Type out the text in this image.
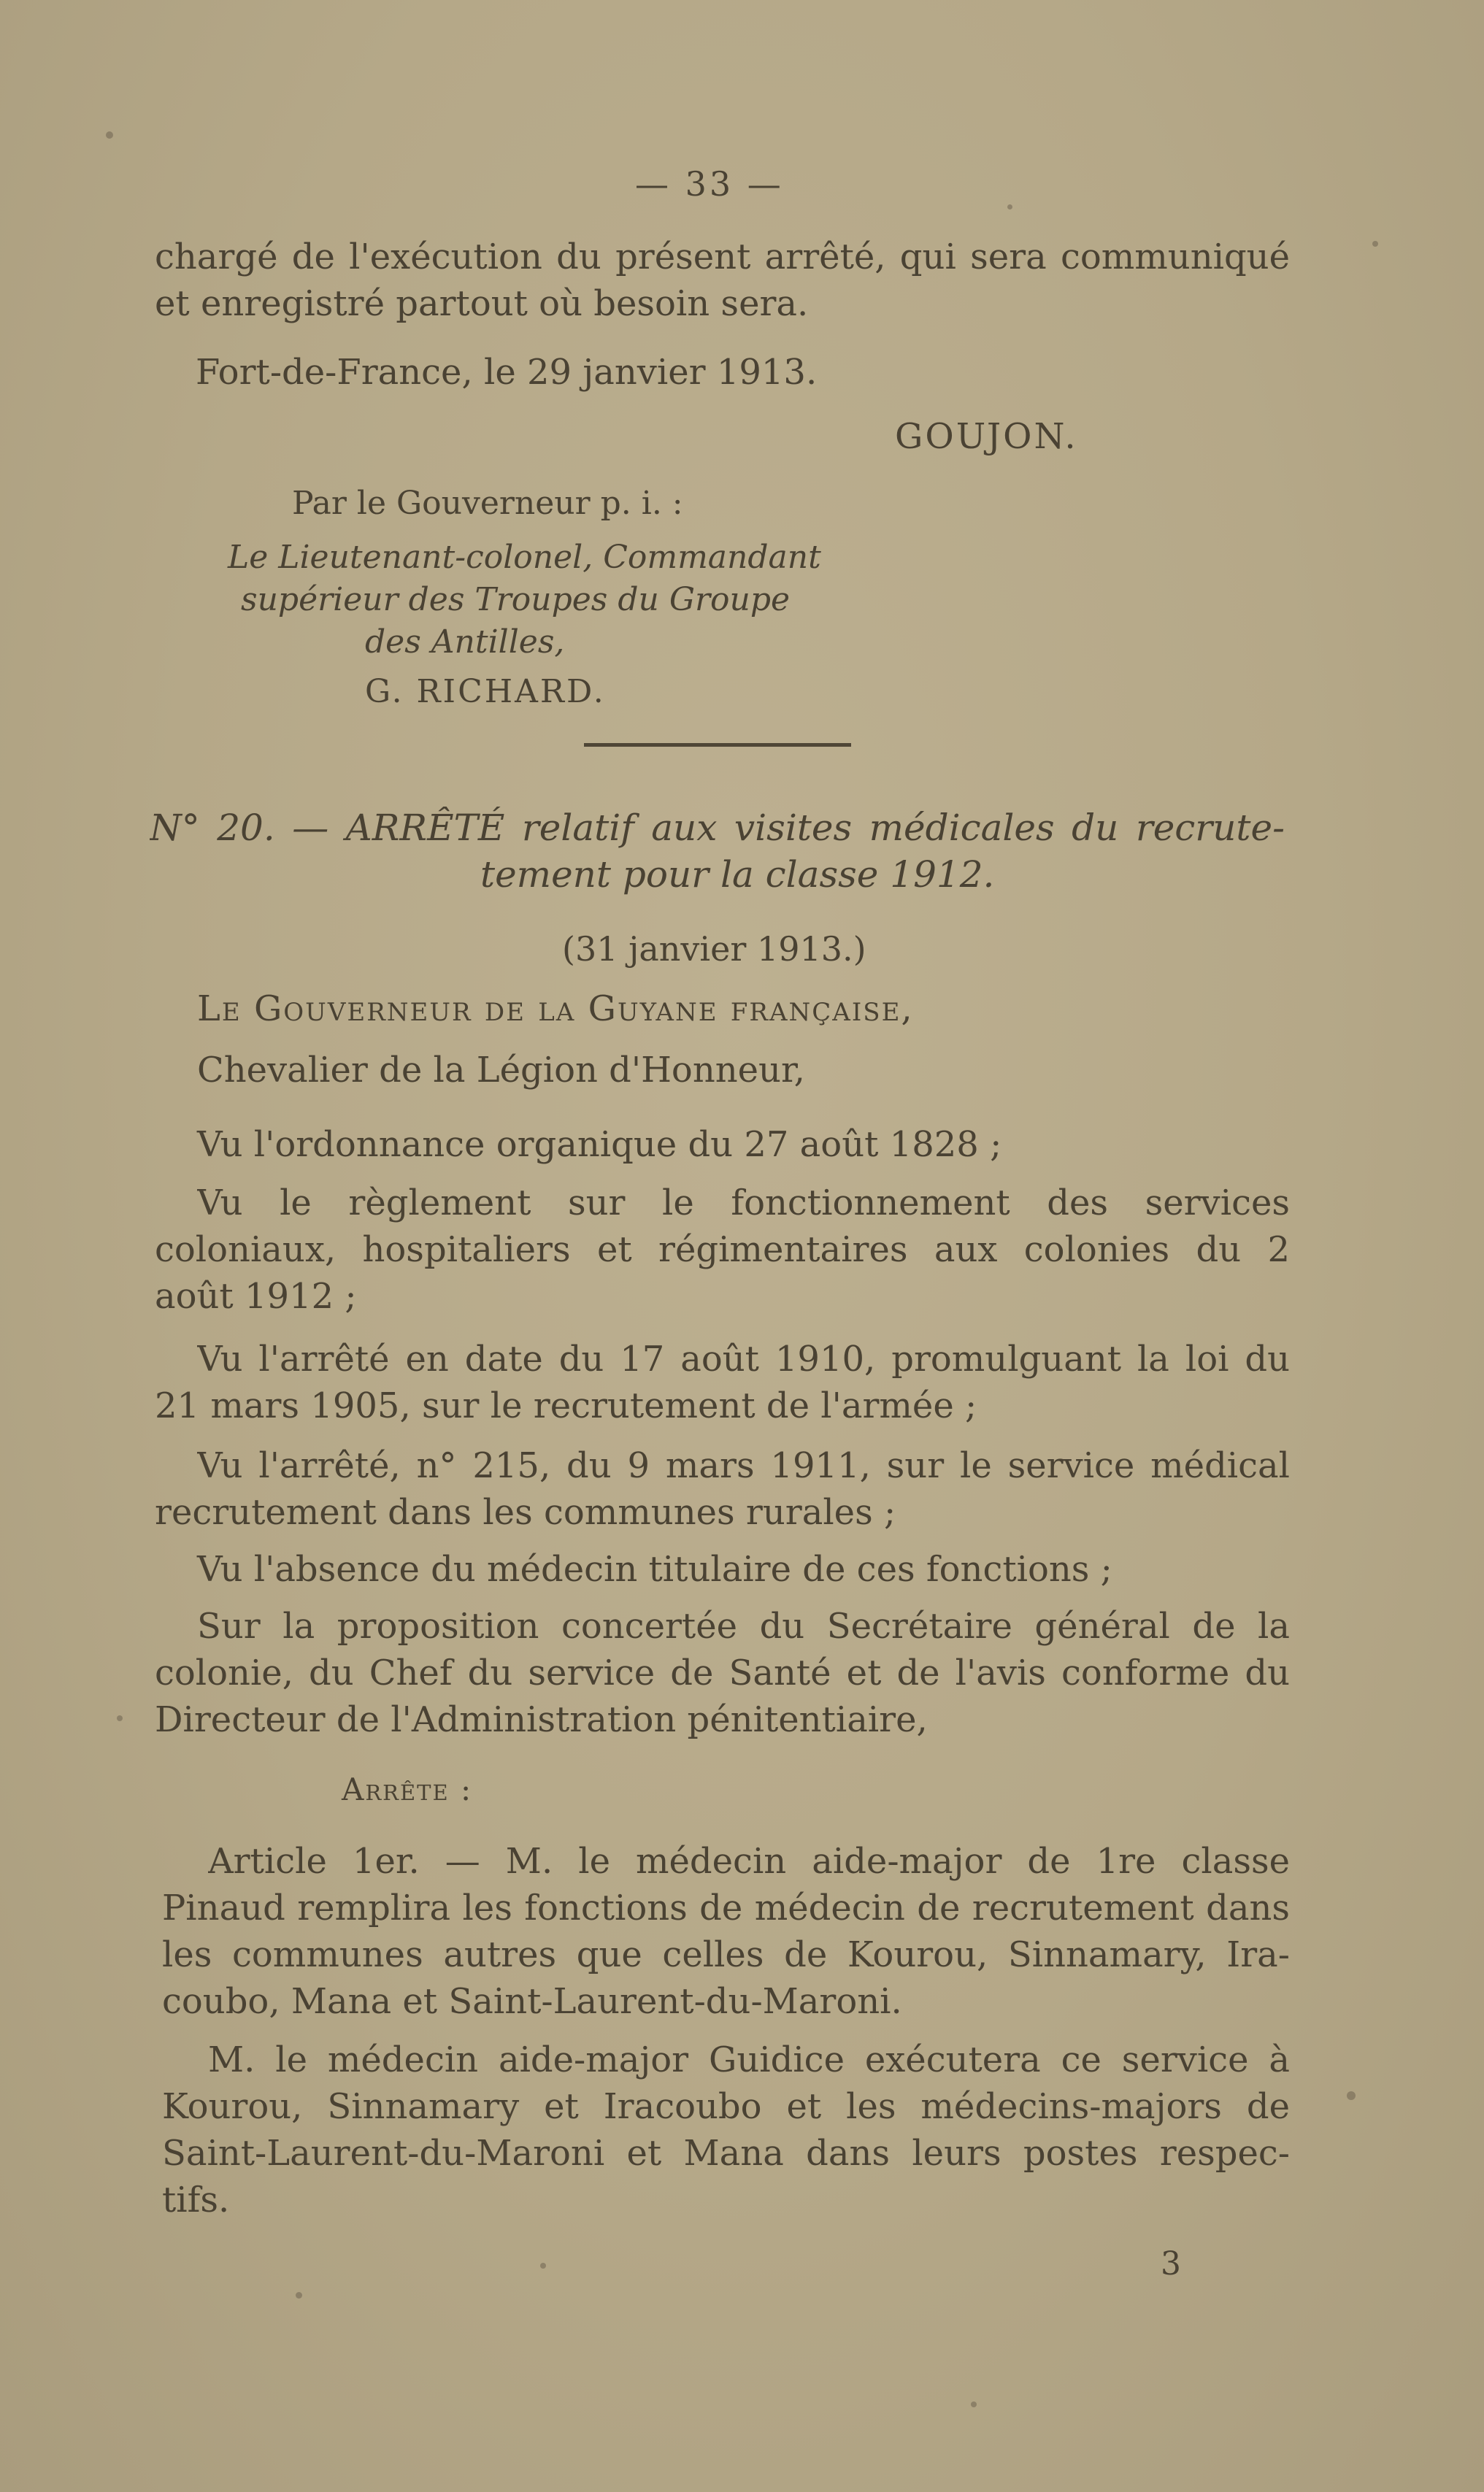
— 33 —
chargé de l'exécution du présent arrêté, qui sera communiqué
et enregistré partout où besoin sera.
Fort-de-France, le 29 janvier 1913.
GOUJON.
Par le Gouverneur p. i. :
Le Lieutenant-colonel, Commandant
supérieur des Troupes du Groupe
des Antilles,
G. RICHARD.
N° 20. — ARRÊTÉ relatif aux visites médicales du recrute-
tement pour la classe 1912.
(31 janvier 1913.)
Le Gouverneur de la Guyane française,
Chevalier de la Légion d'Honneur,
Vu l'ordonnance organique du 27 août 1828 ;
Vu le règlement sur le fonctionnement des services
coloniaux, hospitaliers et régimentaires aux colonies du 2
août 1912 ;
Vu l'arrêté en date du 17 août 1910, promulguant la loi du
21 mars 1905, sur le recrutement de l'armée ;
Vu l'arrêté, n° 215, du 9 mars 1911, sur le service médical
recrutement dans les communes rurales ;
Vu l'absence du médecin titulaire de ces fonctions ;
Sur la proposition concertée du Secrétaire général de la
colonie, du Chef du service de Santé et de l'avis conforme du
Directeur de l'Administration pénitentiaire,
Arrête :
Article 1er. — M. le médecin aide-major de 1re classe
Pinaud remplira les fonctions de médecin de recrutement dans
les communes autres que celles de Kourou, Sinnamary, Ira-
coubo, Mana et Saint-Laurent-du-Maroni.
M. le médecin aide-major Guidice exécutera ce service à
Kourou, Sinnamary et Iracoubo et les médecins-majors de
Saint-Laurent-du-Maroni et Mana dans leurs postes respec-
tifs.
3
